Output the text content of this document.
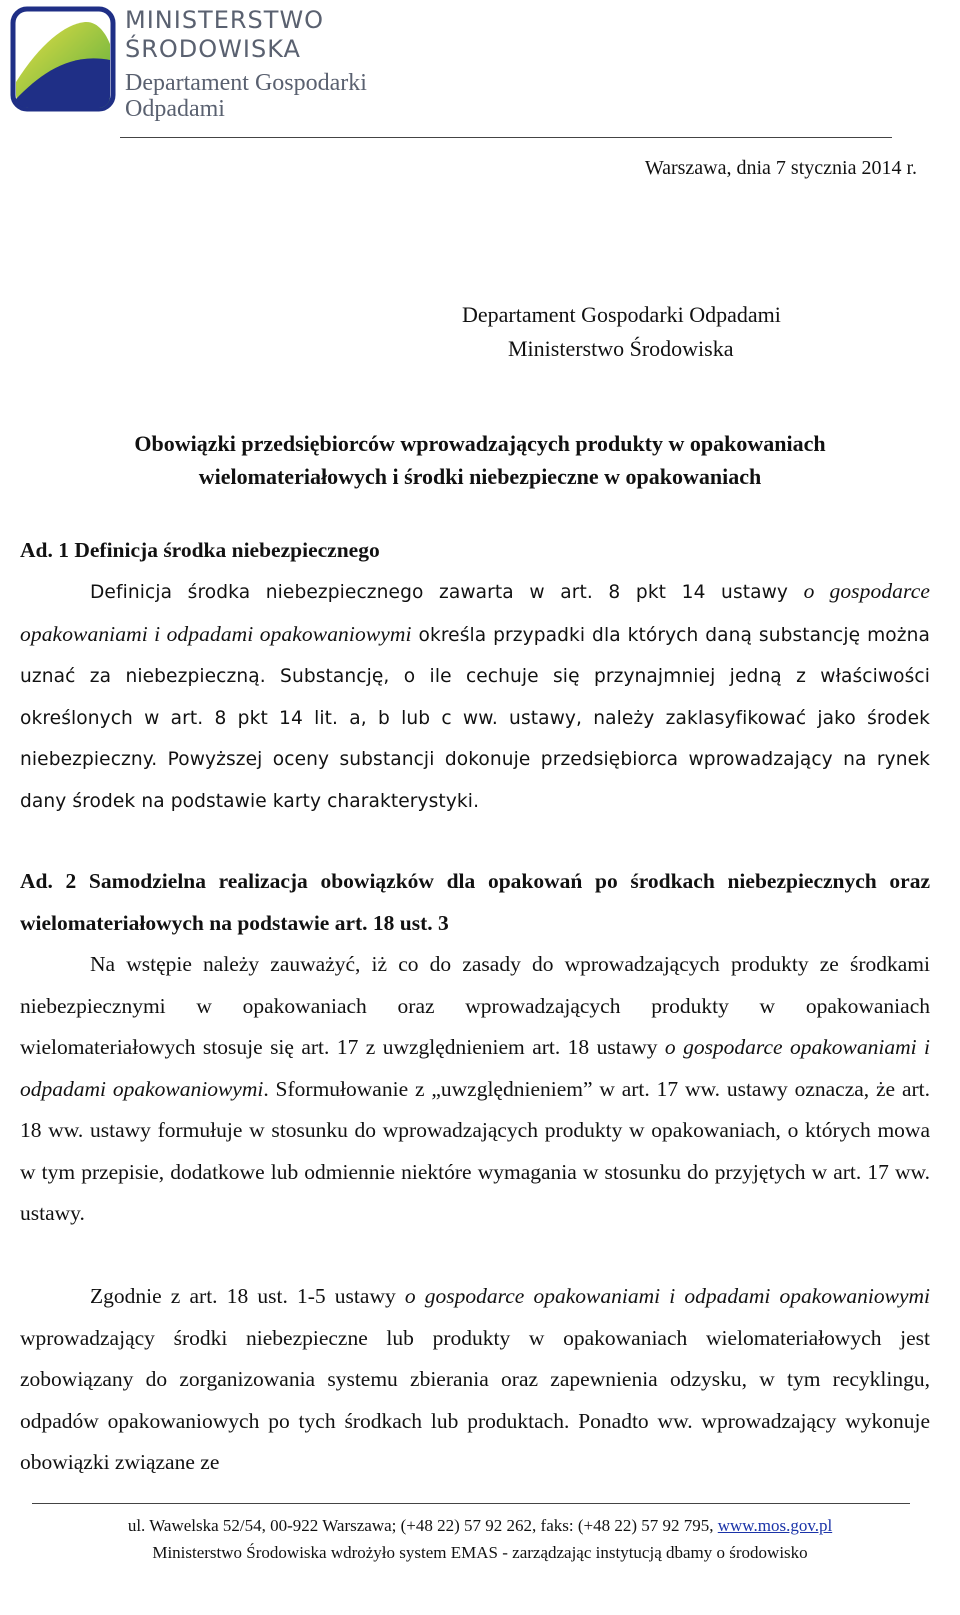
MINISTERSTWO
ŚRODOWISKA
Departament Gospodarki
Odpadami
Warszawa, dnia 7 stycznia 2014 r.
Departament Gospodarki Odpadami
Ministerstwo Środowiska
Obowiązki przedsiębiorców wprowadzających produkty w opakowaniach
wielomateriałowych i środki niebezpieczne w opakowaniach
Ad. 1 Definicja środka niebezpiecznego

Definicja środka niebezpiecznego zawarta w art. 8 pkt 14 ustawy o gospodarce opakowaniami i odpadami opakowaniowymi określa przypadki dla których daną substancję można uznać za niebezpieczną. Substancję, o ile cechuje się przynajmniej jedną z właściwości określonych w art. 8 pkt 14 lit. a, b lub c ww. ustawy, należy zaklasyfikować jako środek niebezpieczny. Powyższej oceny substancji dokonuje przedsiębiorca wprowadzający na rynek dany środek na podstawie karty charakterystyki.

Ad. 2 Samodzielna realizacja obowiązków dla opakowań po środkach niebezpiecznych oraz wielomateriałowych na podstawie art. 18 ust. 3

Na wstępie należy zauważyć, iż co do zasady do wprowadzających produkty ze środkami niebezpiecznymi w opakowaniach oraz wprowadzających produkty w opakowaniach wielomateriałowych stosuje się art. 17 z uwzględnieniem art. 18 ustawy o gospodarce opakowaniami i odpadami opakowaniowymi. Sformułowanie z „uwzględnieniem” w art. 17 ww. ustawy oznacza, że art. 18 ww. ustawy formułuje w stosunku do wprowadzających produkty w opakowaniach, o których mowa w tym przepisie, dodatkowe lub odmiennie niektóre wymagania w stosunku do przyjętych w art. 17 ww. ustawy.

Zgodnie z art. 18 ust. 1-5 ustawy o gospodarce opakowaniami i odpadami opakowaniowymi wprowadzający środki niebezpieczne lub produkty w opakowaniach wielomateriałowych jest zobowiązany do zorganizowania systemu zbierania oraz zapewnienia odzysku, w tym recyklingu, odpadów opakowaniowych po tych środkach lub produktach. Ponadto ww. wprowadzający wykonuje obowiązki związane ze

ul. Wawelska 52/54, 00-922 Warszawa; (+48 22) 57 92 262, faks: (+48 22) 57 92 795, www.mos.gov.pl
Ministerstwo Środowiska wdrożyło system EMAS - zarządzając instytucją dbamy o środowisko
